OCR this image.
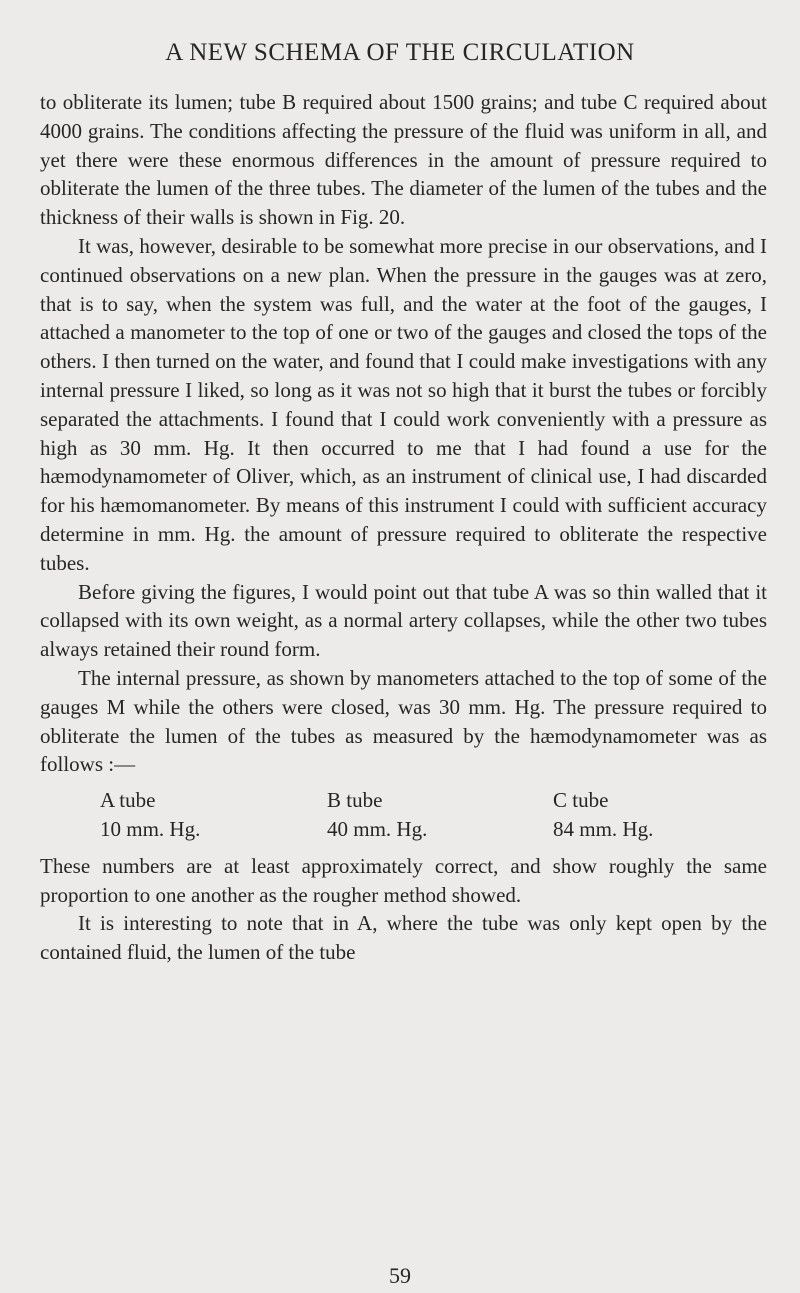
A NEW SCHEMA OF THE CIRCULATION

to obliterate its lumen; tube B required about 1500 grains; and tube C required about 4000 grains. The conditions affecting the pressure of the fluid was uniform in all, and yet there were these enormous differences in the amount of pressure required to obliterate the lumen of the three tubes. The diameter of the lumen of the tubes and the thickness of their walls is shown in Fig. 20.

It was, however, desirable to be somewhat more precise in our observations, and I continued observations on a new plan. When the pressure in the gauges was at zero, that is to say, when the system was full, and the water at the foot of the gauges, I attached a manometer to the top of one or two of the gauges and closed the tops of the others. I then turned on the water, and found that I could make investigations with any internal pressure I liked, so long as it was not so high that it burst the tubes or forcibly separated the attachments. I found that I could work conveniently with a pressure as high as 30 mm. Hg. It then occurred to me that I had found a use for the hæmodynamometer of Oliver, which, as an instrument of clinical use, I had discarded for his hæmomanometer. By means of this instrument I could with sufficient accuracy determine in mm. Hg. the amount of pressure required to obliterate the respective tubes.

Before giving the figures, I would point out that tube A was so thin walled that it collapsed with its own weight, as a normal artery collapses, while the other two tubes always retained their round form.

The internal pressure, as shown by manometers attached to the top of some of the gauges M while the others were closed, was 30 mm. Hg. The pressure required to obliterate the lumen of the tubes as measured by the hæmodynamometer was as follows :—

A tube	B tube	C tube
10 mm. Hg.	40 mm. Hg.	84 mm. Hg.

These numbers are at least approximately correct, and show roughly the same proportion to one another as the rougher method showed.

It is interesting to note that in A, where the tube was only kept open by the contained fluid, the lumen of the tube

59
